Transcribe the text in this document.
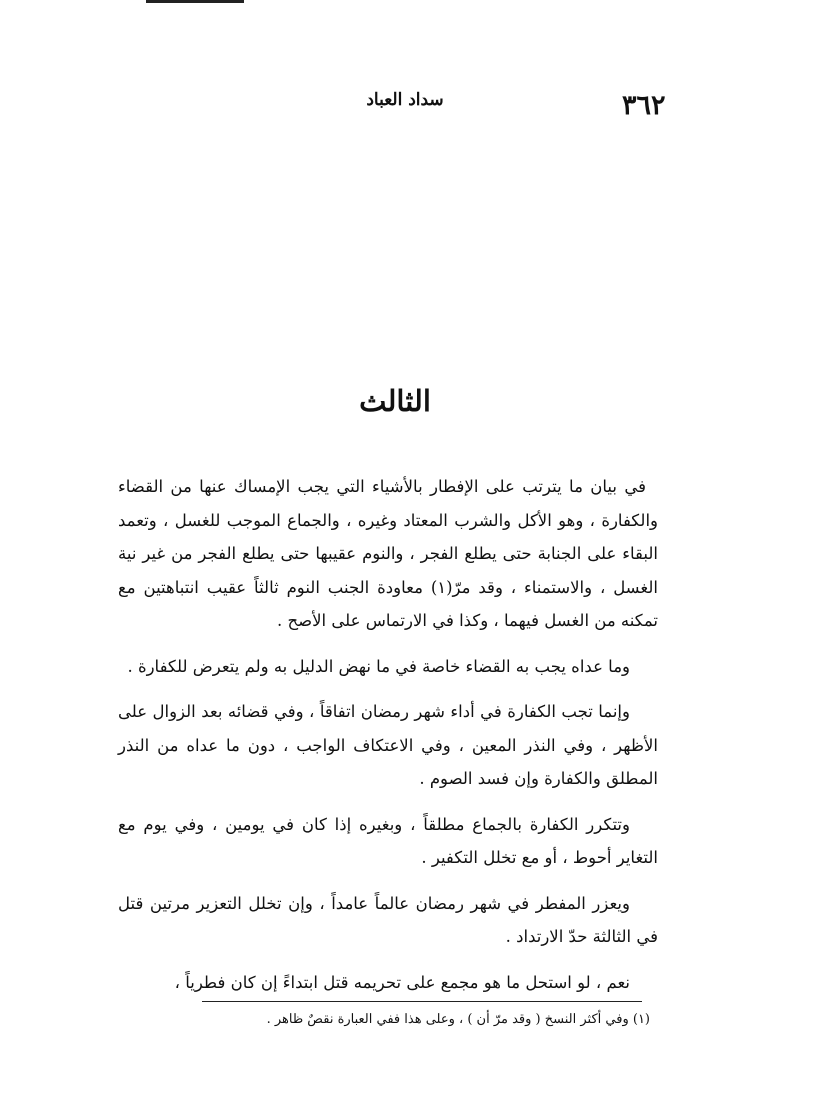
٣٦٢
سداد العباد
الثالث

في بيان ما يترتب على الإفطار بالأشياء التي يجب الإمساك عنها من القضاء والكفارة ، وهو الأكل والشرب المعتاد وغيره ، والجماع الموجب للغسل ، وتعمد البقاء على الجنابة حتى يطلع الفجر ، والنوم عقيبها حتى يطلع الفجر من غير نية الغسل ، والاستمناء ، وقد مرّ(١) معاودة الجنب النوم ثالثاً عقيب انتباهتين مع تمكنه من الغسل فيهما ، وكذا في الارتماس على الأصح .

وما عداه يجب به القضاء خاصة في ما نهض الدليل به ولم يتعرض للكفارة .

وإنما تجب الكفارة في أداء شهر رمضان اتفاقاً ، وفي قضائه بعد الزوال على الأظهر ، وفي النذر المعين ، وفي الاعتكاف الواجب ، دون ما عداه من النذر المطلق والكفارة وإن فسد الصوم .

وتتكرر الكفارة بالجماع مطلقاً ، وبغيره إذا كان في يومين ، وفي يوم مع التغاير أحوط ، أو مع تخلل التكفير .

ويعزر المفطر في شهر رمضان عالماً عامداً ، وإن تخلل التعزير مرتين قتل في الثالثة حدّ الارتداد .

نعم ، لو استحل ما هو مجمع على تحريمه قتل ابتداءً إن كان فطرياً ،

(١) وفي أكثر النسخ ( وقد مرّ أن ) ، وعلى هذا ففي العبارة نقصٌ ظاهر .
